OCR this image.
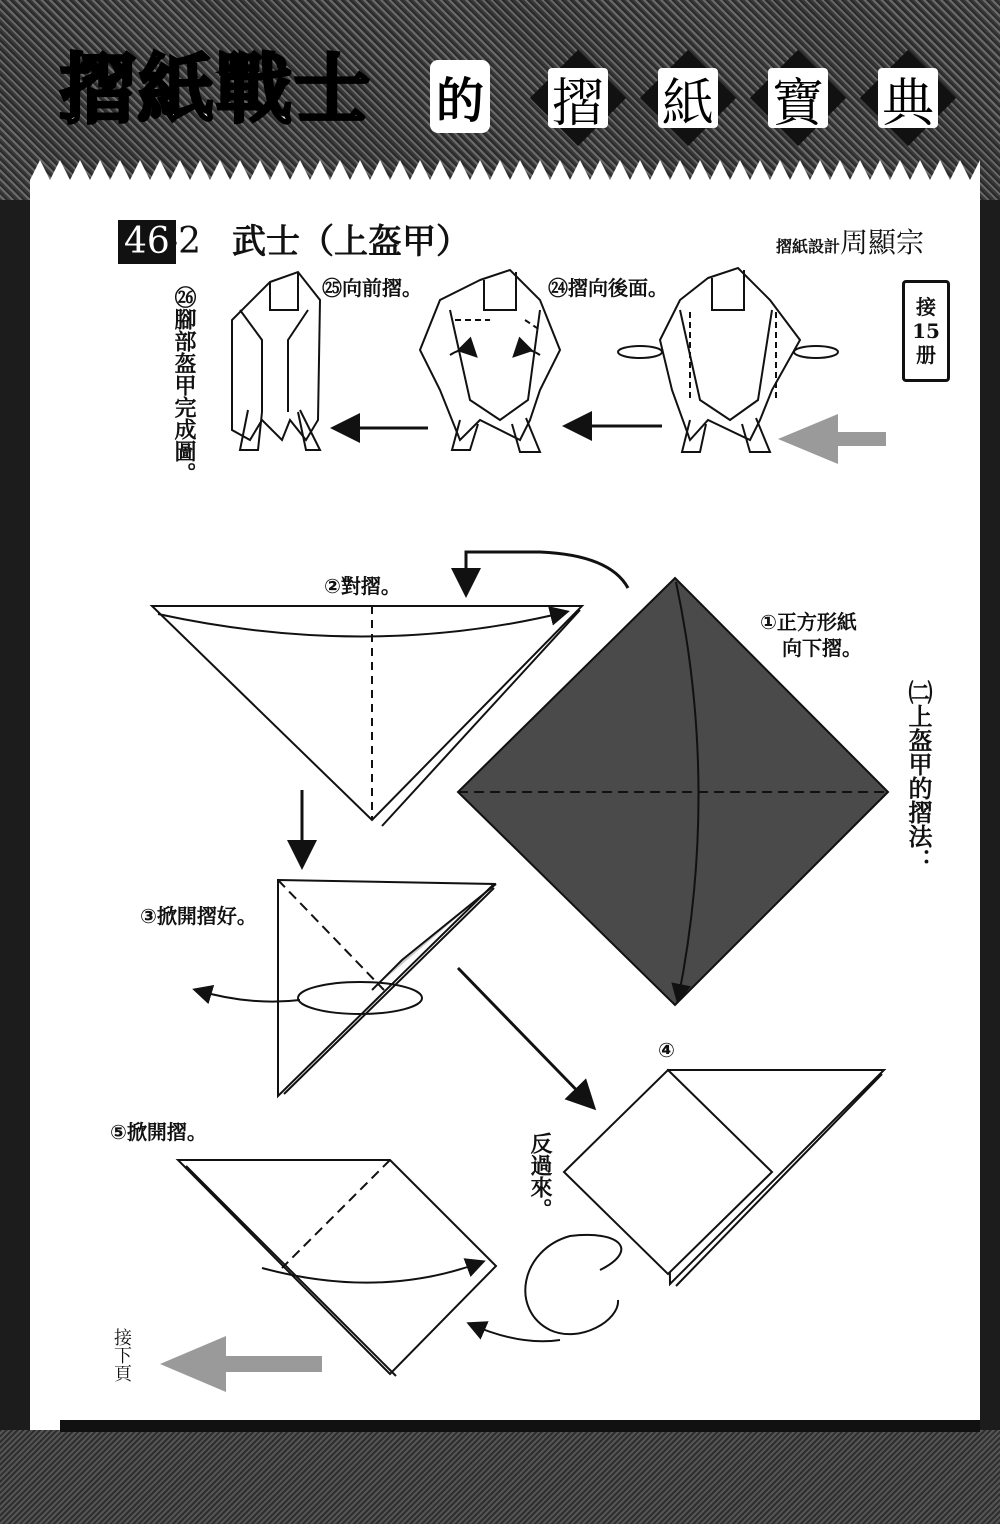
摺紙戰士 的	摺	紙	寶	典
46
-2 武士（上盔甲）	摺紙設計周顯宗
接
15
册
㉖腳部盔甲完成圖。	㉕向前摺。	㉔摺向後面。
①正方形紙
向下摺。
②對摺。
③掀開摺好。
④
⑤掀開摺。	反過來。
㈡上盔甲的摺法：
接下頁
